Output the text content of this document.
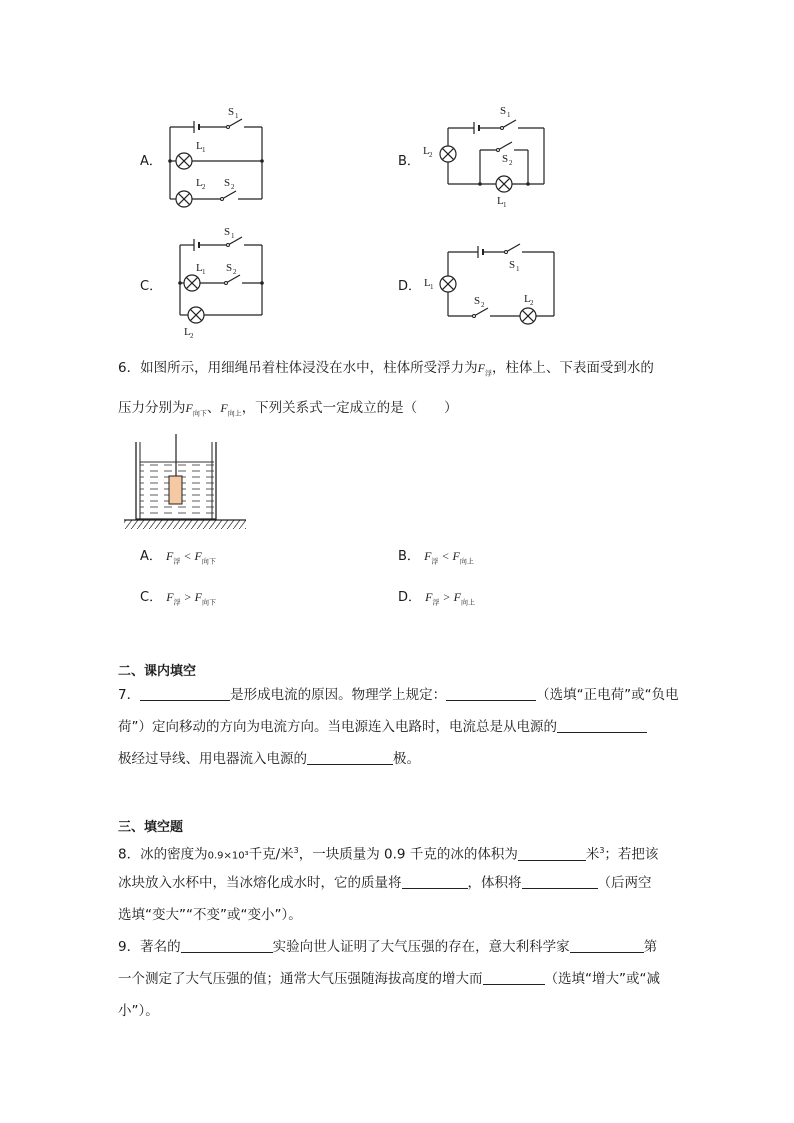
A．
S 1
L 1
L 2 S 2
B．
S 1
L 2	S 2
L 1
C．
S 1
L 1 S 2
L 2
D．
S 1
L 1
S 2	L 2
6．如图所示，用细绳吊着柱体浸没在水中，柱体所受浮力为$F_浮$，柱体上、下表面受到水的
压力分别为$F_{向下}$、$F_{向上}$，下列关系式一定成立的是（　　）
A． $F_浮 < F_{向下}$	B． $F_浮 < F_{向上}$
C． $F_浮 > F_{向下}$	D． $F_浮 > F_{向上}$
二、课内填空
7．	是形成电流的原因。物理学上规定：	（选填“正电荷”或“负电
荷”）定向移动的方向为电流方向。当电源连入电路时，电流总是从电源的
极经过导线、用电器流入电源的	极。
三、填空题
8．冰的密度为0.9×10³千克/米$^3$，一块质量为 0.9 千克的冰的体积为	米$^3$；若把该
冰块放入水杯中，当冰熔化成水时，它的质量将	，体积将	（后两空
选填“变大”“不变”或“变小”）。
9．著名的	实验向世人证明了大气压强的存在，意大利科学家	第
一个测定了大气压强的值；通常大气压强随海拔高度的增大而	（选填“增大”或“减
小”）。
